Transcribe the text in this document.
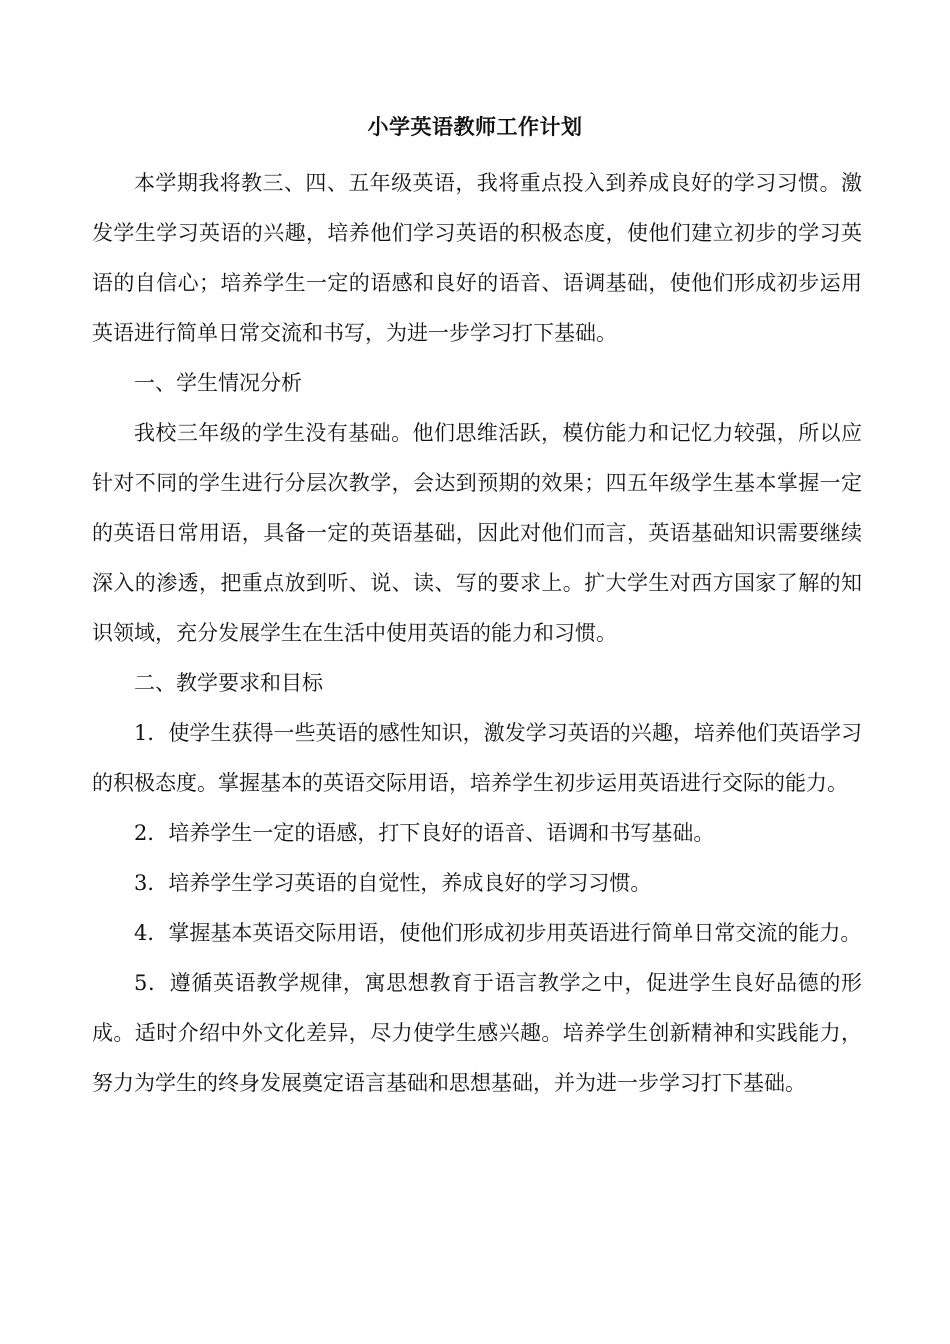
小学英语教师工作计划

本学期我将教三、四、五年级英语，我将重点投入到养成良好的学习习惯。激发学生学习英语的兴趣，培养他们学习英语的积极态度，使他们建立初步的学习英语的自信心；培养学生一定的语感和良好的语音、语调基础，使他们形成初步运用英语进行简单日常交流和书写，为进一步学习打下基础。

一、学生情况分析

我校三年级的学生没有基础。他们思维活跃，模仿能力和记忆力较强，所以应针对不同的学生进行分层次教学，会达到预期的效果；四五年级学生基本掌握一定的英语日常用语，具备一定的英语基础，因此对他们而言，英语基础知识需要继续深入的渗透，把重点放到听、说、读、写的要求上。扩大学生对西方国家了解的知识领域，充分发展学生在生活中使用英语的能力和习惯。

二、教学要求和目标

1．使学生获得一些英语的感性知识，激发学习英语的兴趣，培养他们英语学习的积极态度。掌握基本的英语交际用语，培养学生初步运用英语进行交际的能力。

2．培养学生一定的语感，打下良好的语音、语调和书写基础。

3．培养学生学习英语的自觉性，养成良好的学习习惯。

4．掌握基本英语交际用语，使他们形成初步用英语进行简单日常交流的能力。

5．遵循英语教学规律，寓思想教育于语言教学之中，促进学生良好品德的形成。适时介绍中外文化差异，尽力使学生感兴趣。培养学生创新精神和实践能力，努力为学生的终身发展奠定语言基础和思想基础，并为进一步学习打下基础。
